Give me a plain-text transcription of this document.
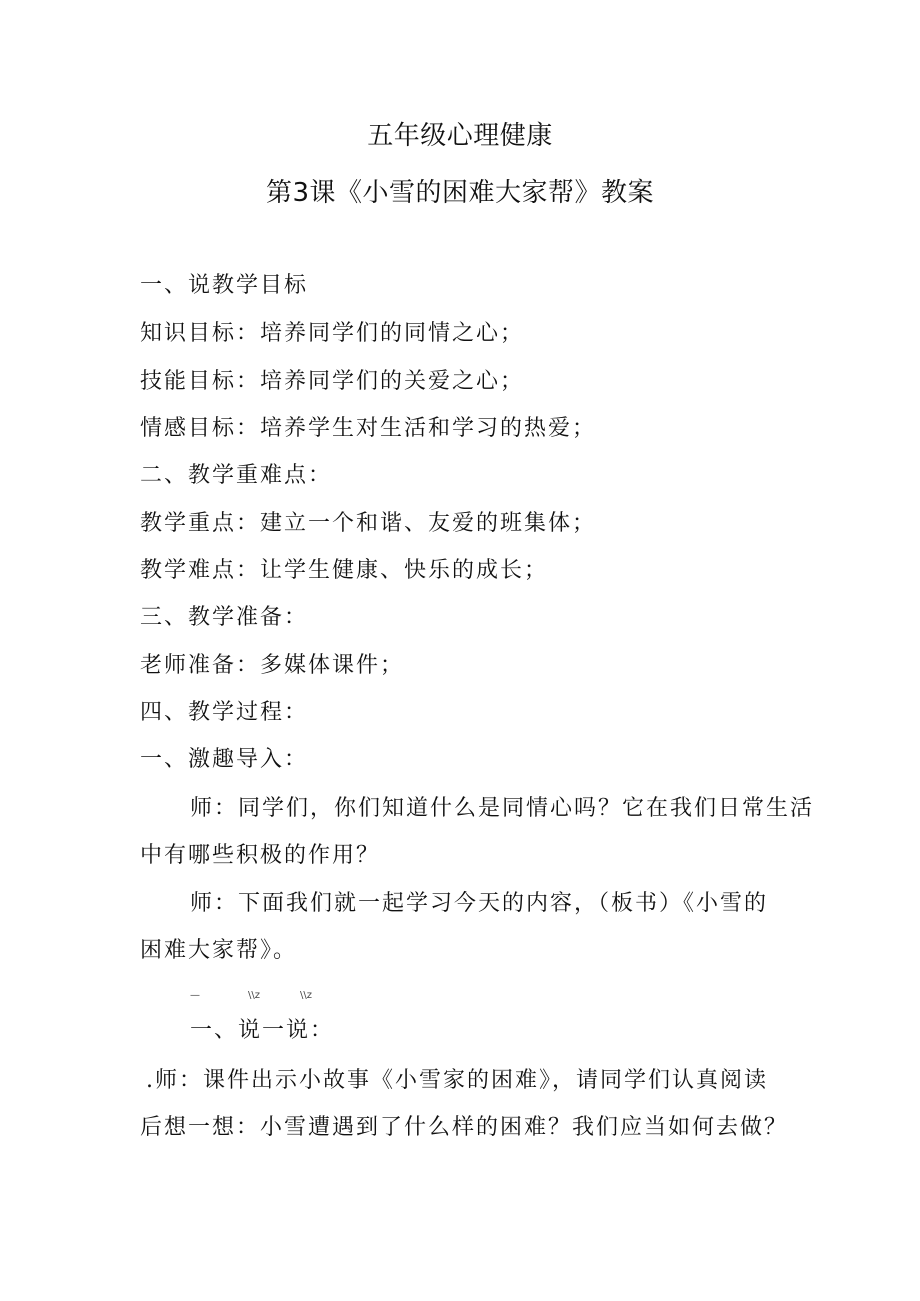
五年级心理健康
第3课《小雪的困难大家帮》教案

一、说教学目标

知识目标：培养同学们的同情之心；

技能目标：培养同学们的关爱之心；

情感目标：培养学生对生活和学习的热爱；

二、教学重难点：

教学重点：建立一个和谐、友爱的班集体；

教学难点：让学生健康、快乐的成长；

三、教学准备：

老师准备：多媒体课件；

四、教学过程：

一、激趣导入：

师：同学们，你们知道什么是同情心吗？它在我们日常生活

中有哪些积极的作用？

师：下面我们就一起学习今天的内容，（板书）《小雪的

困难大家帮》。

—	\\z	\\z

一、说一说：

.师：课件出示小故事《小雪家的困难》，请同学们认真阅读

后想一想：小雪遭遇到了什么样的困难？我们应当如何去做？
